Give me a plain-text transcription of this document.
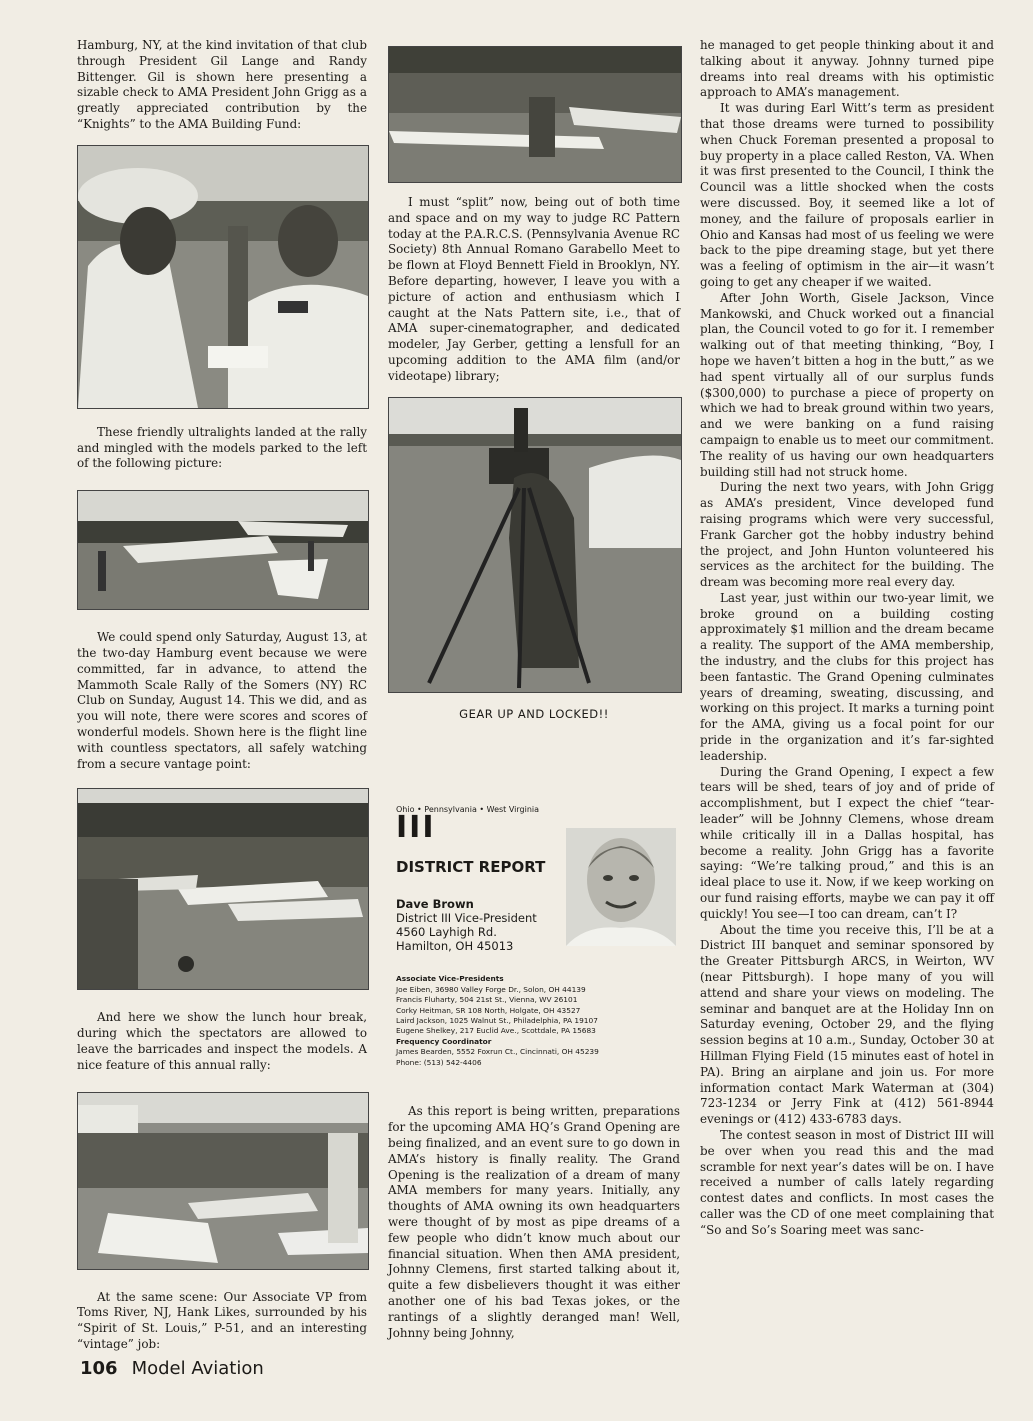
Hamburg, NY, at the kind invitation of that club through President Gil Lange and Randy Bittenger. Gil is shown here presenting a sizable check to AMA President John Grigg as a greatly appreciated contribution by the “Knights” to the AMA Building Fund:

These friendly ultralights landed at the rally and mingled with the models parked to the left of the following picture:

We could spend only Saturday, August 13, at the two-day Hamburg event because we were committed, far in advance, to attend the Mammoth Scale Rally of the Somers (NY) RC Club on Sunday, August 14. This we did, and as you will note, there were scores and scores of wonderful models. Shown here is the flight line with countless spectators, all safely watching from a secure vantage point:

And here we show the lunch hour break, during which the spectators are allowed to leave the barricades and inspect the models. A nice feature of this annual rally:

At the same scene: Our Associate VP from Toms River, NJ, Hank Likes, surrounded by his “Spirit of St. Louis,” P-51, and an interesting “vintage” job:

I must “split” now, being out of both time and space and on my way to judge RC Pattern today at the P.A.R.C.S. (Pennsylvania Avenue RC Society) 8th Annual Romano Garabello Meet to be flown at Floyd Bennett Field in Brooklyn, NY. Before departing, however, I leave you with a picture of action and enthusiasm which I caught at the Nats Pattern site, i.e., that of AMA super-cinematographer, and dedicated modeler, Jay Gerber, getting a lensfull for an upcoming addition to the AMA film (and/or videotape) library;

GEAR UP AND LOCKED!!

Ohio • Pennsylvania • West Virginia
III
DISTRICT REPORT
Dave Brown
District III Vice-President
4560 Layhigh Rd.
Hamilton, OH 45013
Associate Vice-Presidents
Joe Eiben, 36980 Valley Forge Dr., Solon, OH 44139
Francis Fluharty, 504 21st St., Vienna, WV 26101
Corky Heitman, SR 108 North, Holgate, OH 43527
Laird Jackson, 1025 Walnut St., Philadelphia, PA 19107
Eugene Shelkey, 217 Euclid Ave., Scottdale, PA 15683
Frequency Coordinator
James Bearden, 5552 Foxrun Ct., Cincinnati, OH 45239
Phone: (513) 542-4406

As this report is being written, preparations for the upcoming AMA HQ’s Grand Opening are being finalized, and an event sure to go down in AMA’s history is finally reality. The Grand Opening is the realization of a dream of many AMA members for many years. Initially, any thoughts of AMA owning its own headquarters were thought of by most as pipe dreams of a few people who didn’t know much about our financial situation. When then AMA president, Johnny Clemens, first started talking about it, quite a few disbelievers thought it was either another one of his bad Texas jokes, or the rantings of a slightly deranged man! Well, Johnny being Johnny,

he managed to get people thinking about it and talking about it anyway. Johnny turned pipe dreams into real dreams with his optimistic approach to AMA’s management.

It was during Earl Witt’s term as president that those dreams were turned to possibility when Chuck Foreman presented a proposal to buy property in a place called Reston, VA. When it was first presented to the Council, I think the Council was a little shocked when the costs were discussed. Boy, it seemed like a lot of money, and the failure of proposals earlier in Ohio and Kansas had most of us feeling we were back to the pipe dreaming stage, but yet there was a feeling of optimism in the air—it wasn’t going to get any cheaper if we waited.

After John Worth, Gisele Jackson, Vince Mankowski, and Chuck worked out a financial plan, the Council voted to go for it. I remember walking out of that meeting thinking, “Boy, I hope we haven’t bitten a hog in the butt,” as we had spent virtually all of our surplus funds ($300,000) to purchase a piece of property on which we had to break ground within two years, and we were banking on a fund raising campaign to enable us to meet our commitment. The reality of us having our own headquarters building still had not struck home.

During the next two years, with John Grigg as AMA’s president, Vince developed fund raising programs which were very successful, Frank Garcher got the hobby industry behind the project, and John Hunton volunteered his services as the architect for the building. The dream was becoming more real every day.

Last year, just within our two-year limit, we broke ground on a building costing approximately $1 million and the dream became a reality. The support of the AMA membership, the industry, and the clubs for this project has been fantastic. The Grand Opening culminates years of dreaming, sweating, discussing, and working on this project. It marks a turning point for the AMA, giving us a focal point for our pride in the organization and it’s far-sighted leadership.

During the Grand Opening, I expect a few tears will be shed, tears of joy and of pride of accomplishment, but I expect the chief “tear-leader” will be Johnny Clemens, whose dream while critically ill in a Dallas hospital, has become a reality. John Grigg has a favorite saying: “We’re talking proud,” and this is an ideal place to use it. Now, if we keep working on our fund raising efforts, maybe we can pay it off quickly! You see—I too can dream, can’t I?

About the time you receive this, I’ll be at a District III banquet and seminar sponsored by the Greater Pittsburgh ARCS, in Weirton, WV (near Pittsburgh). I hope many of you will attend and share your views on modeling. The seminar and banquet are at the Holiday Inn on Saturday evening, October 29, and the flying session begins at 10 a.m., Sunday, October 30 at Hillman Flying Field (15 minutes east of hotel in PA). Bring an airplane and join us. For more information contact Mark Waterman at (304) 723-1234 or Jerry Fink at (412) 561-8944 evenings or (412) 433-6783 days.

The contest season in most of District III will be over when you read this and the mad scramble for next year’s dates will be on. I have received a number of calls lately regarding contest dates and conflicts. In most cases the caller was the CD of one meet complaining that “So and So’s Soaring meet was sanc-

106 Model Aviation
